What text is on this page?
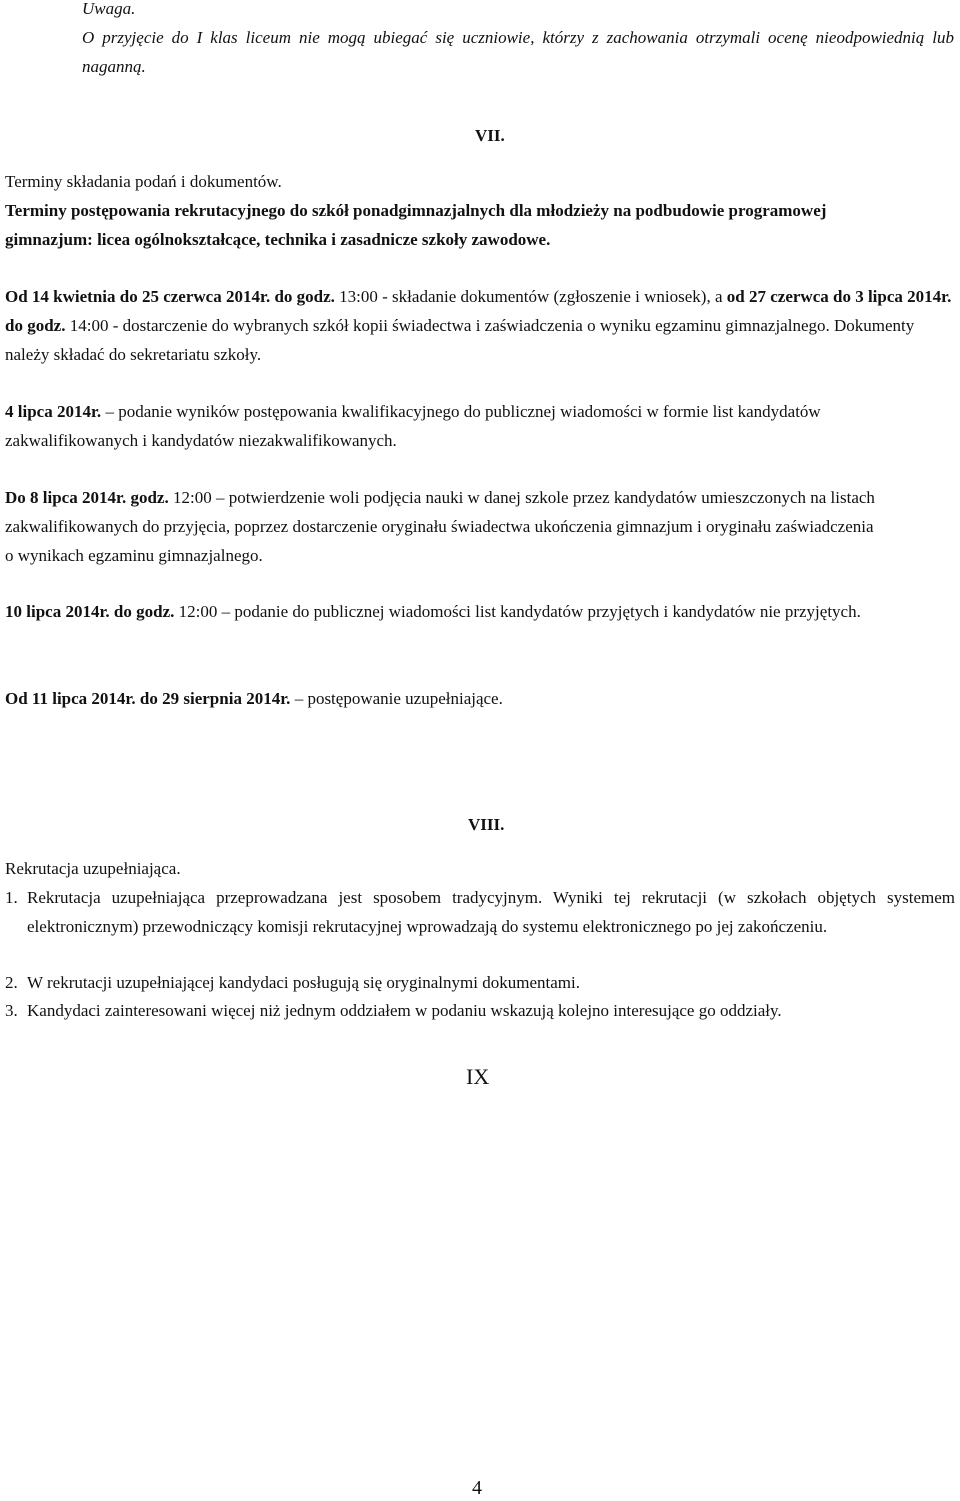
Uwaga.

O przyjęcie do I klas liceum nie mogą ubiegać się uczniowie, którzy z zachowania otrzymali ocenę nieodpowiednią lub naganną.

VII.

Terminy składania podań i dokumentów.

Terminy postępowania rekrutacyjnego do szkół ponadgimnazjalnych dla młodzieży na podbudowie programowej gimnazjum: licea ogólnokształcące, technika i zasadnicze szkoły zawodowe.

Od 14 kwietnia do 25 czerwca 2014r. do godz. 13:00 - składanie dokumentów (zgłoszenie i wniosek), a od 27 czerwca do 3 lipca 2014r. do godz. 14:00 - dostarczenie do wybranych szkół kopii świadectwa i zaświadczenia o wyniku egzaminu gimnazjalnego. Dokumenty należy składać do sekretariatu szkoły.

4 lipca 2014r. – podanie wyników postępowania kwalifikacyjnego do publicznej wiadomości w formie list kandydatów zakwalifikowanych i kandydatów niezakwalifikowanych.

Do 8 lipca 2014r. godz. 12:00 – potwierdzenie woli podjęcia nauki w danej szkole przez kandydatów umieszczonych na listach zakwalifikowanych do przyjęcia, poprzez dostarczenie oryginału świadectwa ukończenia gimnazjum i oryginału zaświadczenia o wynikach egzaminu gimnazjalnego.

10 lipca 2014r. do godz. 12:00 – podanie do publicznej wiadomości list kandydatów przyjętych i kandydatów nie przyjętych.

Od 11 lipca 2014r. do 29 sierpnia 2014r. – postępowanie uzupełniające.

VIII.

Rekrutacja uzupełniająca.

1. Rekrutacja uzupełniająca przeprowadzana jest sposobem tradycyjnym. Wyniki tej rekrutacji (w szkołach objętych systemem elektronicznym) przewodniczący komisji rekrutacyjnej wprowadzają do systemu elektronicznego po jej zakończeniu.

2. W rekrutacji uzupełniającej kandydaci posługują się oryginalnymi dokumentami.

3. Kandydaci zainteresowani więcej niż jednym oddziałem w podaniu wskazują kolejno interesujące go oddziały.

IX

4
